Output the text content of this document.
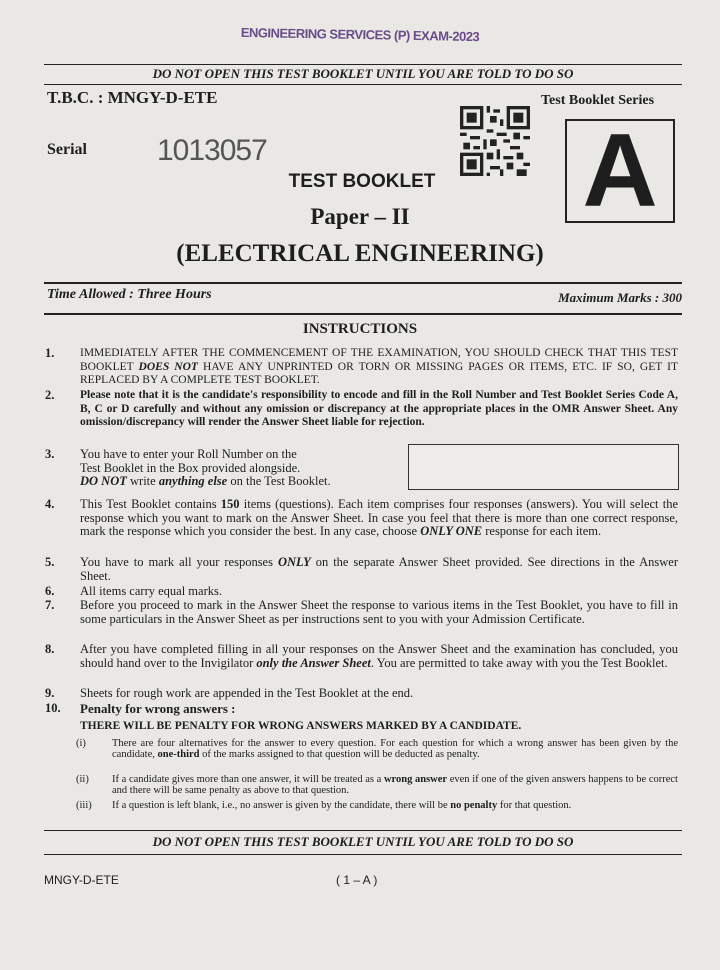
ENGINEERING SERVICES (P) EXAM-2023
DO NOT OPEN THIS TEST BOOKLET UNTIL YOU ARE TOLD TO DO SO
T.B.C. : MNGY-D-ETE	Test Booklet Series
Serial 1013057	A
TEST BOOKLET
Paper – II
(ELECTRICAL ENGINEERING)
Time Allowed : Three Hours	Maximum Marks : 300
INSTRUCTIONS
1.	IMMEDIATELY AFTER THE COMMENCEMENT OF THE EXAMINATION, YOU SHOULD CHECK THAT THIS TEST BOOKLET DOES NOT HAVE ANY UNPRINTED OR TORN OR MISSING PAGES OR ITEMS, ETC. IF SO, GET IT REPLACED BY A COMPLETE TEST BOOKLET.
2.	Please note that it is the candidate's responsibility to encode and fill in the Roll Number and Test Booklet Series Code A, B, C or D carefully and without any omission or discrepancy at the appropriate places in the OMR Answer Sheet. Any omission/discrepancy will render the Answer Sheet liable for rejection.
3.	You have to enter your Roll Number on the
Test Booklet in the Box provided alongside.
DO NOT write anything else on the Test Booklet.
4.	This Test Booklet contains 150 items (questions). Each item comprises four responses (answers). You will select the response which you want to mark on the Answer Sheet. In case you feel that there is more than one correct response, mark the response which you consider the best. In any case, choose ONLY ONE response for each item.
5.	You have to mark all your responses ONLY on the separate Answer Sheet provided. See directions in the Answer Sheet.
6.	All items carry equal marks.
7.	Before you proceed to mark in the Answer Sheet the response to various items in the Test Booklet, you have to fill in some particulars in the Answer Sheet as per instructions sent to you with your Admission Certificate.
8.	After you have completed filling in all your responses on the Answer Sheet and the examination has concluded, you should hand over to the Invigilator only the Answer Sheet. You are permitted to take away with you the Test Booklet.
9.	Sheets for rough work are appended in the Test Booklet at the end.
10.	Penalty for wrong answers :
THERE WILL BE PENALTY FOR WRONG ANSWERS MARKED BY A CANDIDATE.
(i) There are four alternatives for the answer to every question. For each question for which a wrong answer has been given by the candidate, one-third of the marks assigned to that question will be deducted as penalty.
(ii) If a candidate gives more than one answer, it will be treated as a wrong answer even if one of the given answers happens to be correct and there will be same penalty as above to that question.
(iii) If a question is left blank, i.e., no answer is given by the candidate, there will be no penalty for that question.
DO NOT OPEN THIS TEST BOOKLET UNTIL YOU ARE TOLD TO DO SO
MNGY-D-ETE	( 1 – A )
